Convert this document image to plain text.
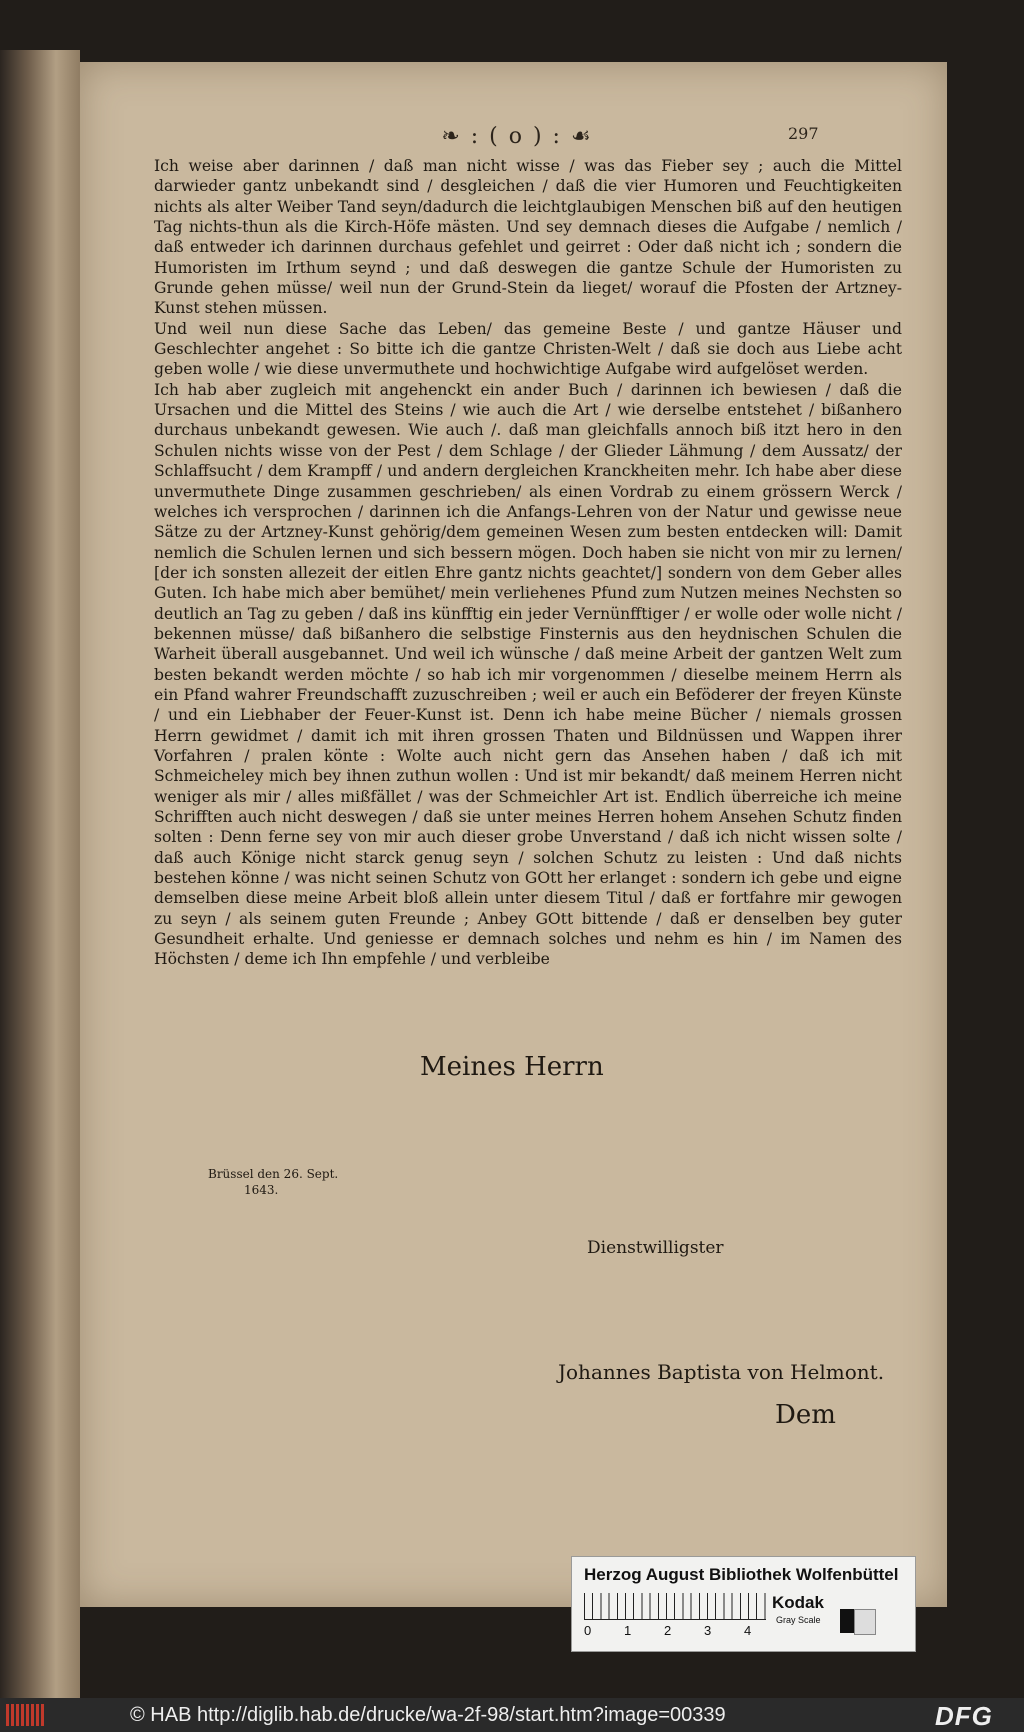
❧ : ( o ) : ☙	297

Ich weise aber darinnen / daß man nicht wisse / was das Fieber sey ; auch die Mittel darwieder gantz unbekandt sind / desgleichen / daß die vier Humoren und Feuchtigkeiten nichts als alter Weiber Tand seyn/dadurch die leichtglaubigen Menschen biß auf den heutigen Tag nichts-thun als die Kirch-Höfe mästen. Und sey demnach dieses die Aufgabe / nemlich / daß entweder ich darinnen durchaus gefehlet und geirret : Oder daß nicht ich ; sondern die Humoristen im Irthum seynd ; und daß deswegen die gantze Schule der Humoristen zu Grunde gehen müsse/ weil nun der Grund-Stein da lieget/ worauf die Pfosten der Artzney-Kunst stehen müssen.

Und weil nun diese Sache das Leben/ das gemeine Beste / und gantze Häuser und Geschlechter angehet : So bitte ich die gantze Christen-Welt / daß sie doch aus Liebe acht geben wolle / wie diese unvermuthete und hochwichtige Aufgabe wird aufgelöset werden.

Ich hab aber zugleich mit angehenckt ein ander Buch / darinnen ich bewiesen / daß die Ursachen und die Mittel des Steins / wie auch die Art / wie derselbe entstehet / bißanhero durchaus unbekandt gewesen. Wie auch /. daß man gleichfalls annoch biß itzt hero in den Schulen nichts wisse von der Pest / dem Schlage / der Glieder Lähmung / dem Aussatz/ der Schlaffsucht / dem Krampff / und andern dergleichen Kranckheiten mehr. Ich habe aber diese unvermuthete Dinge zusammen geschrieben/ als einen Vordrab zu einem grössern Werck / welches ich versprochen / darinnen ich die Anfangs-Lehren von der Natur und gewisse neue Sätze zu der Artzney-Kunst gehörig/dem gemeinen Wesen zum besten entdecken will: Damit nemlich die Schulen lernen und sich bessern mögen. Doch haben sie nicht von mir zu lernen/ [der ich sonsten allezeit der eitlen Ehre gantz nichts geachtet/] sondern von dem Geber alles Guten. Ich habe mich aber bemühet/ mein verliehenes Pfund zum Nutzen meines Nechsten so deutlich an Tag zu geben / daß ins künfftig ein jeder Vernünfftiger / er wolle oder wolle nicht / bekennen müsse/ daß bißanhero die selbstige Finsternis aus den heydnischen Schulen die Warheit überall ausgebannet. Und weil ich wünsche / daß meine Arbeit der gantzen Welt zum besten bekandt werden möchte / so hab ich mir vorgenommen / dieselbe meinem Herrn als ein Pfand wahrer Freundschafft zuzuschreiben ; weil er auch ein Beföderer der freyen Künste / und ein Liebhaber der Feuer-Kunst ist. Denn ich habe meine Bücher / niemals grossen Herrn gewidmet / damit ich mit ihren grossen Thaten und Bildnüssen und Wappen ihrer Vorfahren / pralen könte : Wolte auch nicht gern das Ansehen haben / daß ich mit Schmeicheley mich bey ihnen zuthun wollen : Und ist mir bekandt/ daß meinem Herren nicht weniger als mir / alles mißfället / was der Schmeichler Art ist. Endlich überreiche ich meine Schrifften auch nicht deswegen / daß sie unter meines Herren hohem Ansehen Schutz finden solten : Denn ferne sey von mir auch dieser grobe Unverstand / daß ich nicht wissen solte / daß auch Könige nicht starck genug seyn / solchen Schutz zu leisten : Und daß nichts bestehen könne / was nicht seinen Schutz von GOtt her erlanget : sondern ich gebe und eigne demselben diese meine Arbeit bloß allein unter diesem Titul / daß er fortfahre mir gewogen zu seyn / als seinem guten Freunde ; Anbey GOtt bittende / daß er denselben bey guter Gesundheit erhalte. Und geniesse er demnach solches und nehm es hin / im Namen des Höchsten / deme ich Ihn empfehle / und verbleibe

Meines Herrn
Brüssel den 26. Sept.
1643.
Dienstwilligster
Johannes Baptista von Helmont.
Dem
Herzog August Bibliothek Wolfenbüttel
0	1	2	3	4
Kodak
Gray Scale
© HAB http://diglib.hab.de/drucke/wa-2f-98/start.htm?image=00339	DFG
